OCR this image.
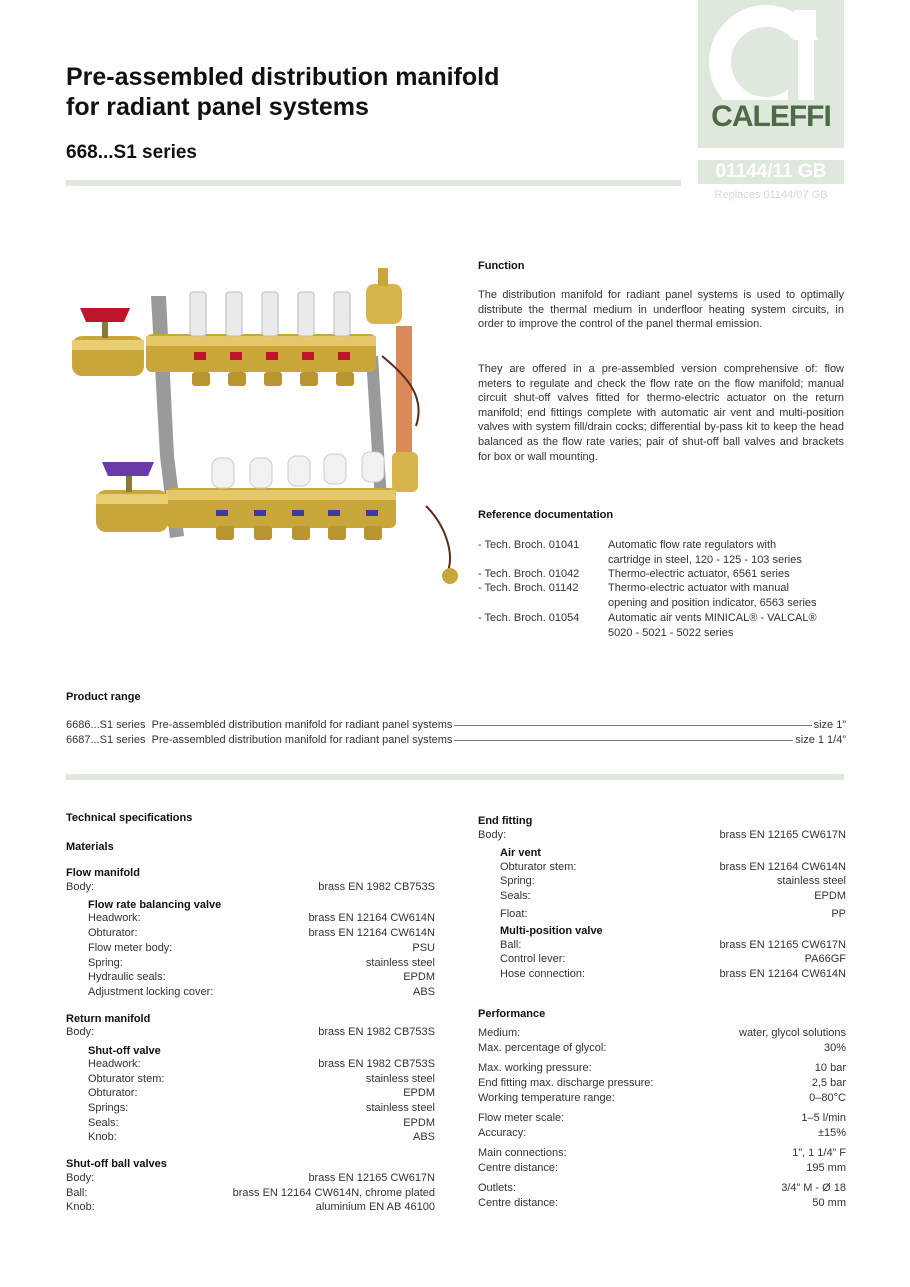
Pre-assembled distribution manifold
for radiant panel systems
668...S1 series
CALEFFI
01144/11 GB
Replaces 01144/07 GB
Function
The distribution manifold for radiant panel systems is used to optimally distribute the thermal medium in underfloor heating system circuits, in order to improve the control of the panel thermal emission.
They are offered in a pre-assembled version comprehensive of: flow meters to regulate and check the flow rate on the flow manifold; manual circuit shut-off valves fitted for thermo-electric actuator on the return manifold; end fittings complete with automatic air vent and multi-position valves with system fill/drain cocks; differential by-pass kit to keep the head balanced as the flow rate varies; pair of shut-off ball valves and brackets for box or wall mounting.
Reference documentation
- Tech. Broch. 01041	Automatic flow rate regulators with
cartridge in steel, 120 - 125 - 103 series
- Tech. Broch. 01042	Thermo-electric actuator, 6561 series
- Tech. Broch. 01142	Thermo-electric actuator with manual
opening and position indicator, 6563 series
- Tech. Broch. 01054	Automatic air vents MINICAL® - VALCAL®
5020 - 5021 - 5022 series
Product range
6686...S1 series
Pre-assembled distribution manifold for radiant panel systems	size 1”
6687...S1 series
Pre-assembled distribution manifold for radiant panel systems	size 1 1/4”
Technical specifications
Materials
Flow manifold
Body:	brass EN 1982 CB753S
Flow rate balancing valve
Headwork:	brass EN 12164 CW614N
Obturator:	brass EN 12164 CW614N
Flow meter body:	PSU
Spring:	stainless steel
Hydraulic seals:	EPDM
Adjustment locking cover:	ABS
Return manifold
Body:	brass EN 1982 CB753S
Shut-off valve
Headwork:	brass EN 1982 CB753S
Obturator stem:	stainless steel
Obturator:	EPDM
Springs:	stainless steel
Seals:	EPDM
Knob:	ABS
Shut-off ball valves
Body:	brass EN 12165 CW617N
Ball:	brass EN 12164 CW614N, chrome plated
Knob:	aluminium EN AB 46100
End fitting
Body:	brass EN 12165 CW617N
Air vent
Obturator stem:	brass EN 12164 CW614N
Spring:	stainless steel
Seals:	EPDM
Float:	PP
Multi-position valve
Ball:	brass EN 12165 CW617N
Control lever:	PA66GF
Hose connection:	brass EN 12164 CW614N
Performance
Medium:	water, glycol solutions
Max. percentage of glycol:	30%
Max. working pressure:	10 bar
End fitting max. discharge pressure:	2,5 bar
Working temperature range:	0–80°C
Flow meter scale:	1–5 l/min
Accuracy:	±15%
Main connections:	1”, 1 1/4” F
Centre distance:	195 mm
Outlets:	3/4” M - Ø 18
Centre distance:	50 mm
